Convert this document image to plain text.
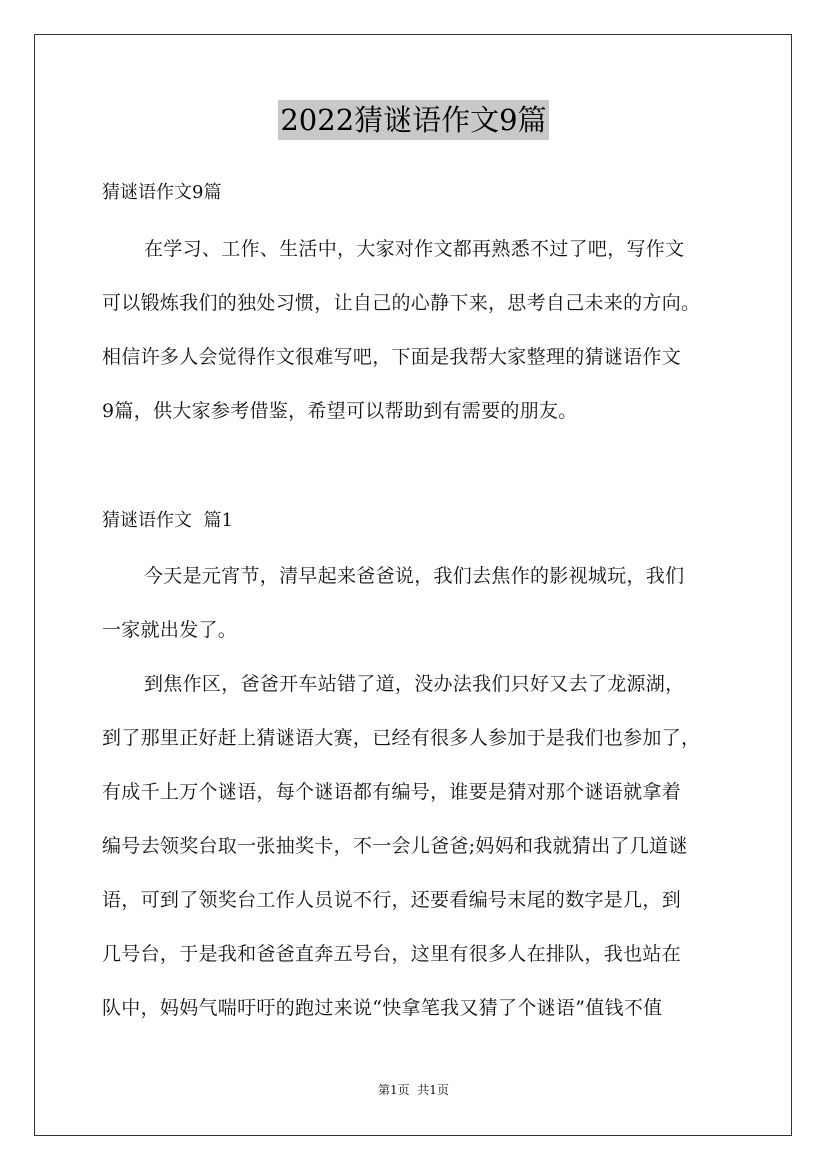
2022猜谜语作文9篇

猜谜语作文9篇

在学习、工作、生活中，大家对作文都再熟悉不过了吧，写作文

可以锻炼我们的独处习惯，让自己的心静下来，思考自己未来的方向。

相信许多人会觉得作文很难写吧，下面是我帮大家整理的猜谜语作文

9篇，供大家参考借鉴，希望可以帮助到有需要的朋友。

猜谜语作文  篇1

今天是元宵节，清早起来爸爸说，我们去焦作的影视城玩，我们

一家就出发了。

到焦作区，爸爸开车站错了道，没办法我们只好又去了龙源湖，

到了那里正好赶上猜谜语大赛，已经有很多人参加于是我们也参加了，

有成千上万个谜语，每个谜语都有编号，谁要是猜对那个谜语就拿着

编号去领奖台取一张抽奖卡，不一会儿爸爸;妈妈和我就猜出了几道谜

语，可到了领奖台工作人员说不行，还要看编号末尾的数字是几，到

几号台，于是我和爸爸直奔五号台，这里有很多人在排队，我也站在

队中，妈妈气喘吁吁的跑过来说“快拿笔我又猜了个谜语”值钱不值

第1页  共1页
